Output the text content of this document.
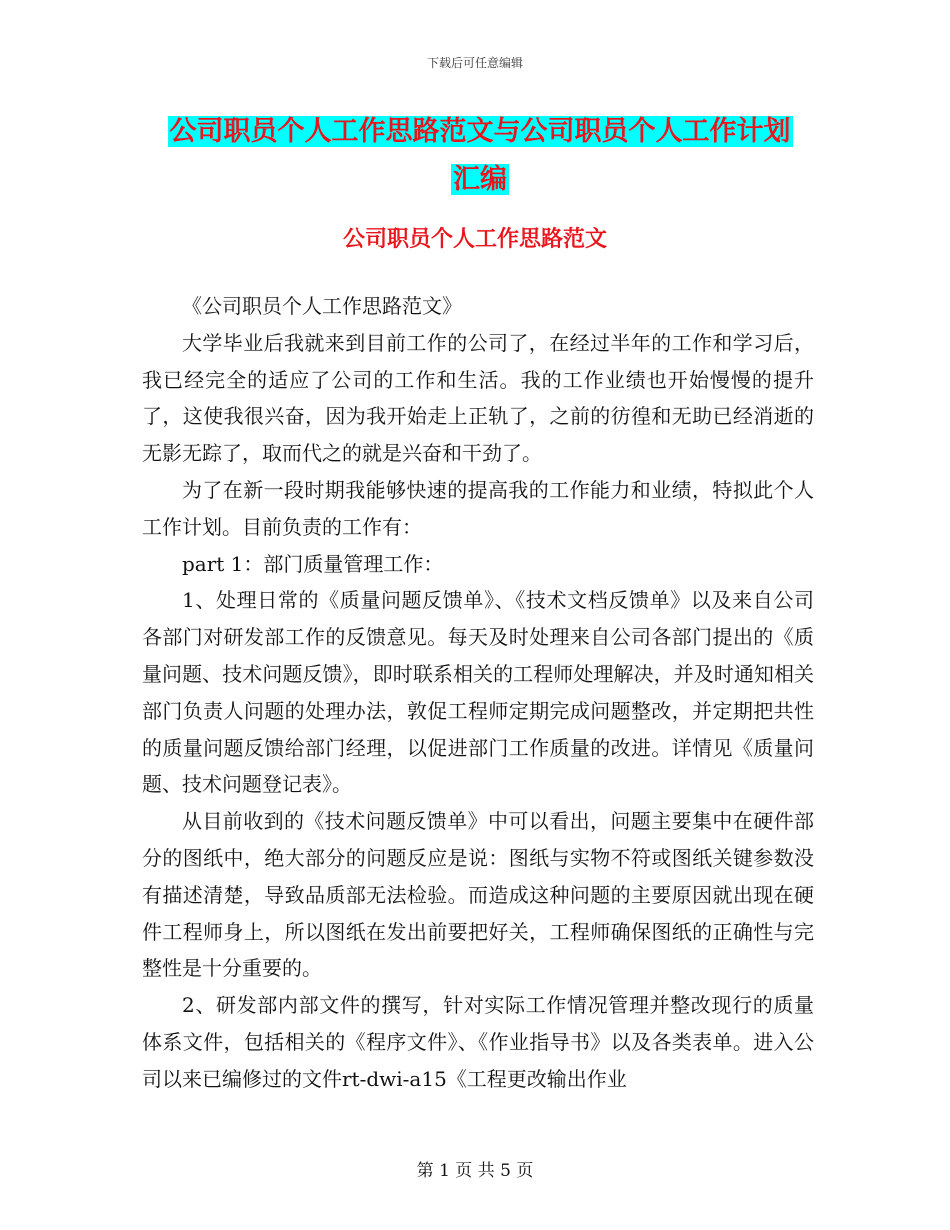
下载后可任意编辑
公司职员个人工作思路范文与公司职员个人工作计划
汇编
公司职员个人工作思路范文

《公司职员个人工作思路范文》

大学毕业后我就来到目前工作的公司了，在经过半年的工作和学习后，我已经完全的适应了公司的工作和生活。我的工作业绩也开始慢慢的提升了，这使我很兴奋，因为我开始走上正轨了，之前的彷徨和无助已经消逝的无影无踪了，取而代之的就是兴奋和干劲了。

为了在新一段时期我能够快速的提高我的工作能力和业绩，特拟此个人工作计划。目前负责的工作有：

part 1：部门质量管理工作：

1、处理日常的《质量问题反馈单》、《技术文档反馈单》以及来自公司各部门对研发部工作的反馈意见。每天及时处理来自公司各部门提出的《质量问题、技术问题反馈》，即时联系相关的工程师处理解决，并及时通知相关部门负责人问题的处理办法，敦促工程师定期完成问题整改，并定期把共性的质量问题反馈给部门经理，以促进部门工作质量的改进。详情见《质量问题、技术问题登记表》。

从目前收到的《技术问题反馈单》中可以看出，问题主要集中在硬件部分的图纸中，绝大部分的问题反应是说：图纸与实物不符或图纸关键参数没有描述清楚，导致品质部无法检验。而造成这种问题的主要原因就出现在硬件工程师身上，所以图纸在发出前要把好关，工程师确保图纸的正确性与完整性是十分重要的。

2、研发部内部文件的撰写，针对实际工作情况管理并整改现行的质量体系文件，包括相关的《程序文件》、《作业指导书》以及各类表单。进入公司以来已编修过的文件rt-dwi-a15《工程更改输出作业

第 1 页 共 5 页
